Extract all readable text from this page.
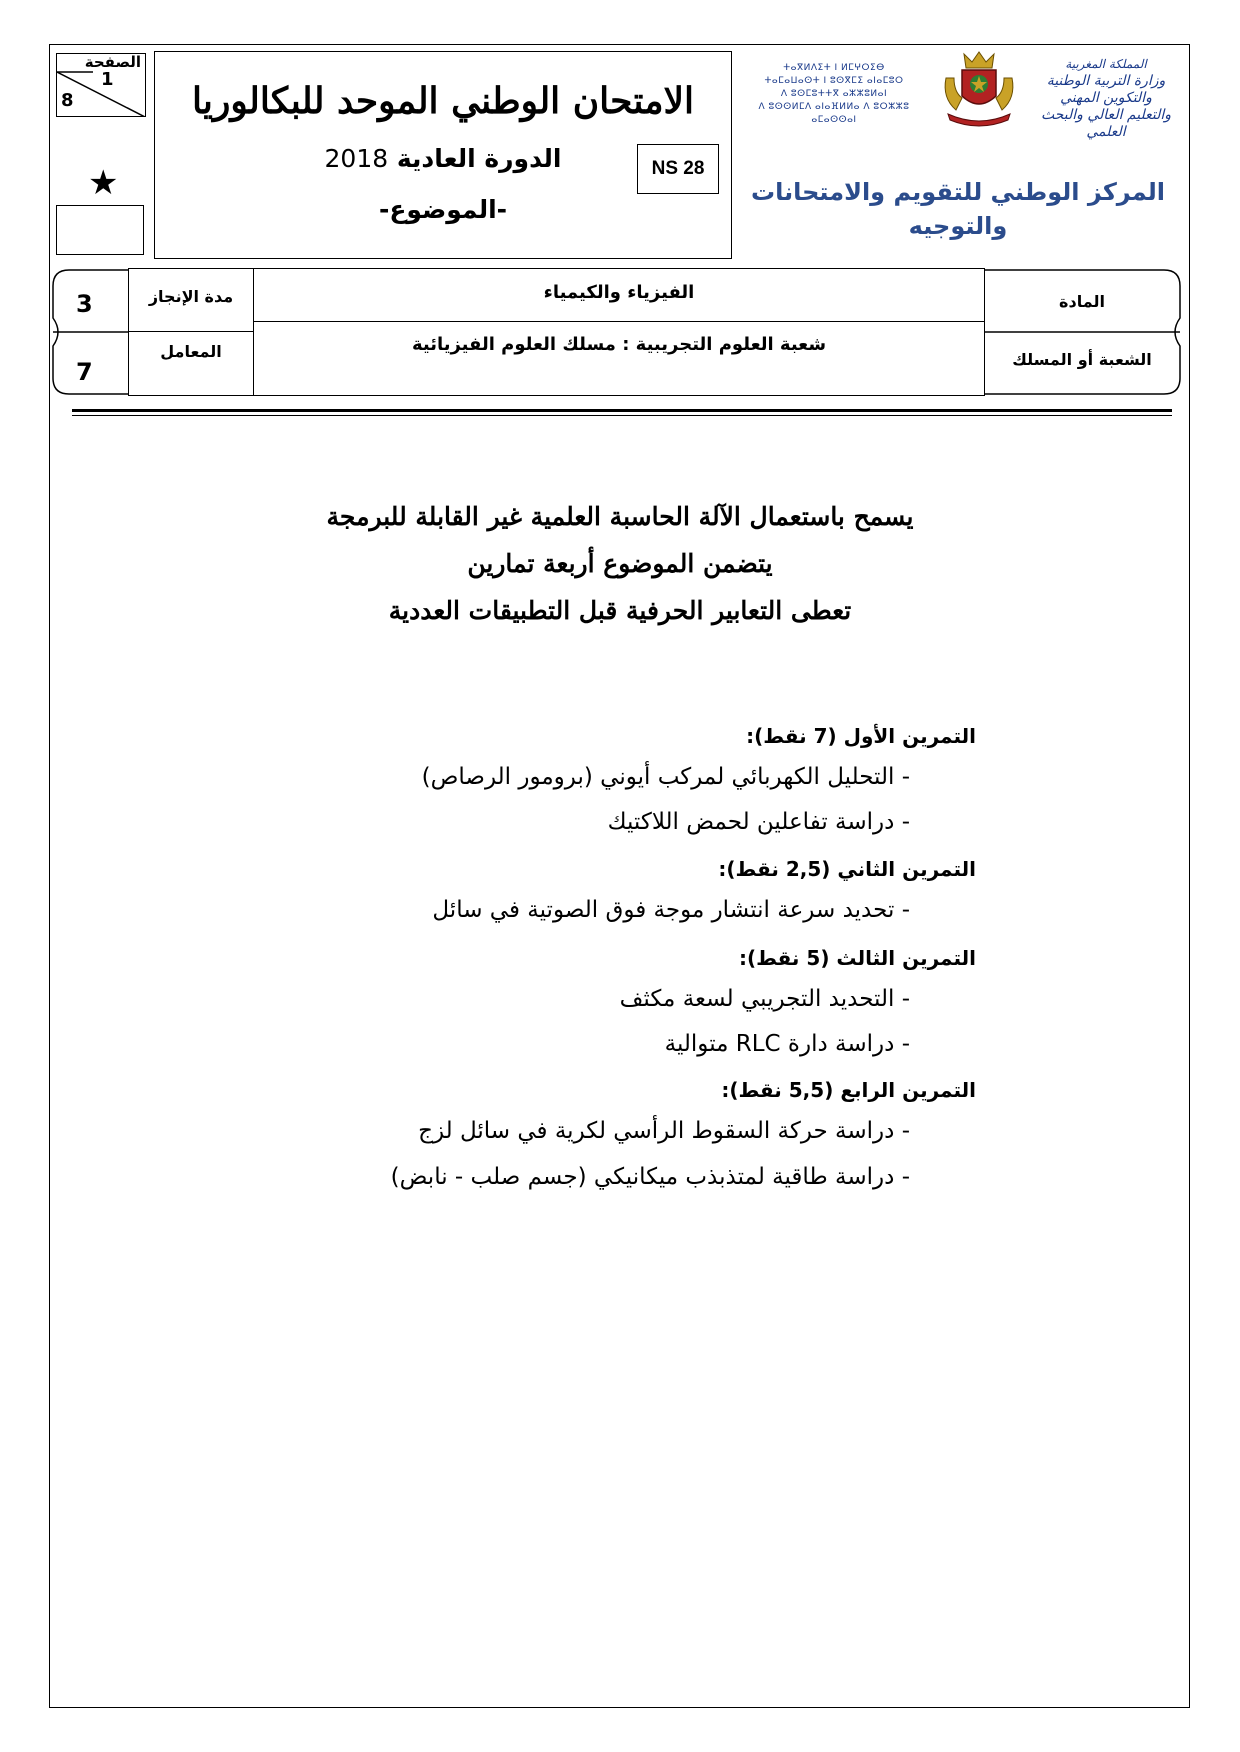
الصفحة
1
8
★
الامتحان الوطني الموحد للبكالوريا
الدورة العادية 2018
-الموضوع-
NS 28
ⵜⴰⴳⵍⴷⵉⵜ ⵏ ⵍⵎⵖⵔⵉⴱ
ⵜⴰⵎⴰⵡⴰⵙⵜ ⵏ ⵓⵙⴳⵎⵉ ⴰⵏⴰⵎⵓⵔ
ⴷ ⵓⵙⵎⵓⵜⵜⴳ ⴰⵣⵣⵓⵍⴰⵏ
ⴷ ⵓⵙⵙⵍⵎⴷ ⴰⵏⴰⴼⵍⵍⴰ ⴷ ⵓⵔⵣⵣⵓ ⴰⵎⴰⵙⵙⴰⵏ
المملكة المغربية
وزارة التربية الوطنية
والتكوين المهني
والتعليم العالي والبحث العلمي
المركز الوطني للتقويم والامتحانات
والتوجيه
3
7
مدة الإنجاز
المعامل
الفيزياء والكيمياء
شعبة العلوم التجريبية : مسلك العلوم الفيزيائية
المادة
الشعبة أو المسلك
يسمح باستعمال الآلة الحاسبة العلمية غير القابلة للبرمجة
يتضمن الموضوع أربعة تمارين
تعطى التعابير الحرفية قبل التطبيقات العددية
التمرين الأول (7 نقط):
- التحليل الكهربائي لمركب أيوني (برومور الرصاص)
- دراسة تفاعلين لحمض اللاكتيك
التمرين الثاني (2,5 نقط):
- تحديد سرعة انتشار موجة فوق الصوتية في سائل
التمرين الثالث (5 نقط):
- التحديد التجريبي لسعة مكثف
- دراسة دارة RLC متوالية
التمرين الرابع (5,5 نقط):
- دراسة حركة السقوط الرأسي لكرية في سائل لزج
- دراسة طاقية لمتذبذب ميكانيكي (جسم صلب - نابض)
